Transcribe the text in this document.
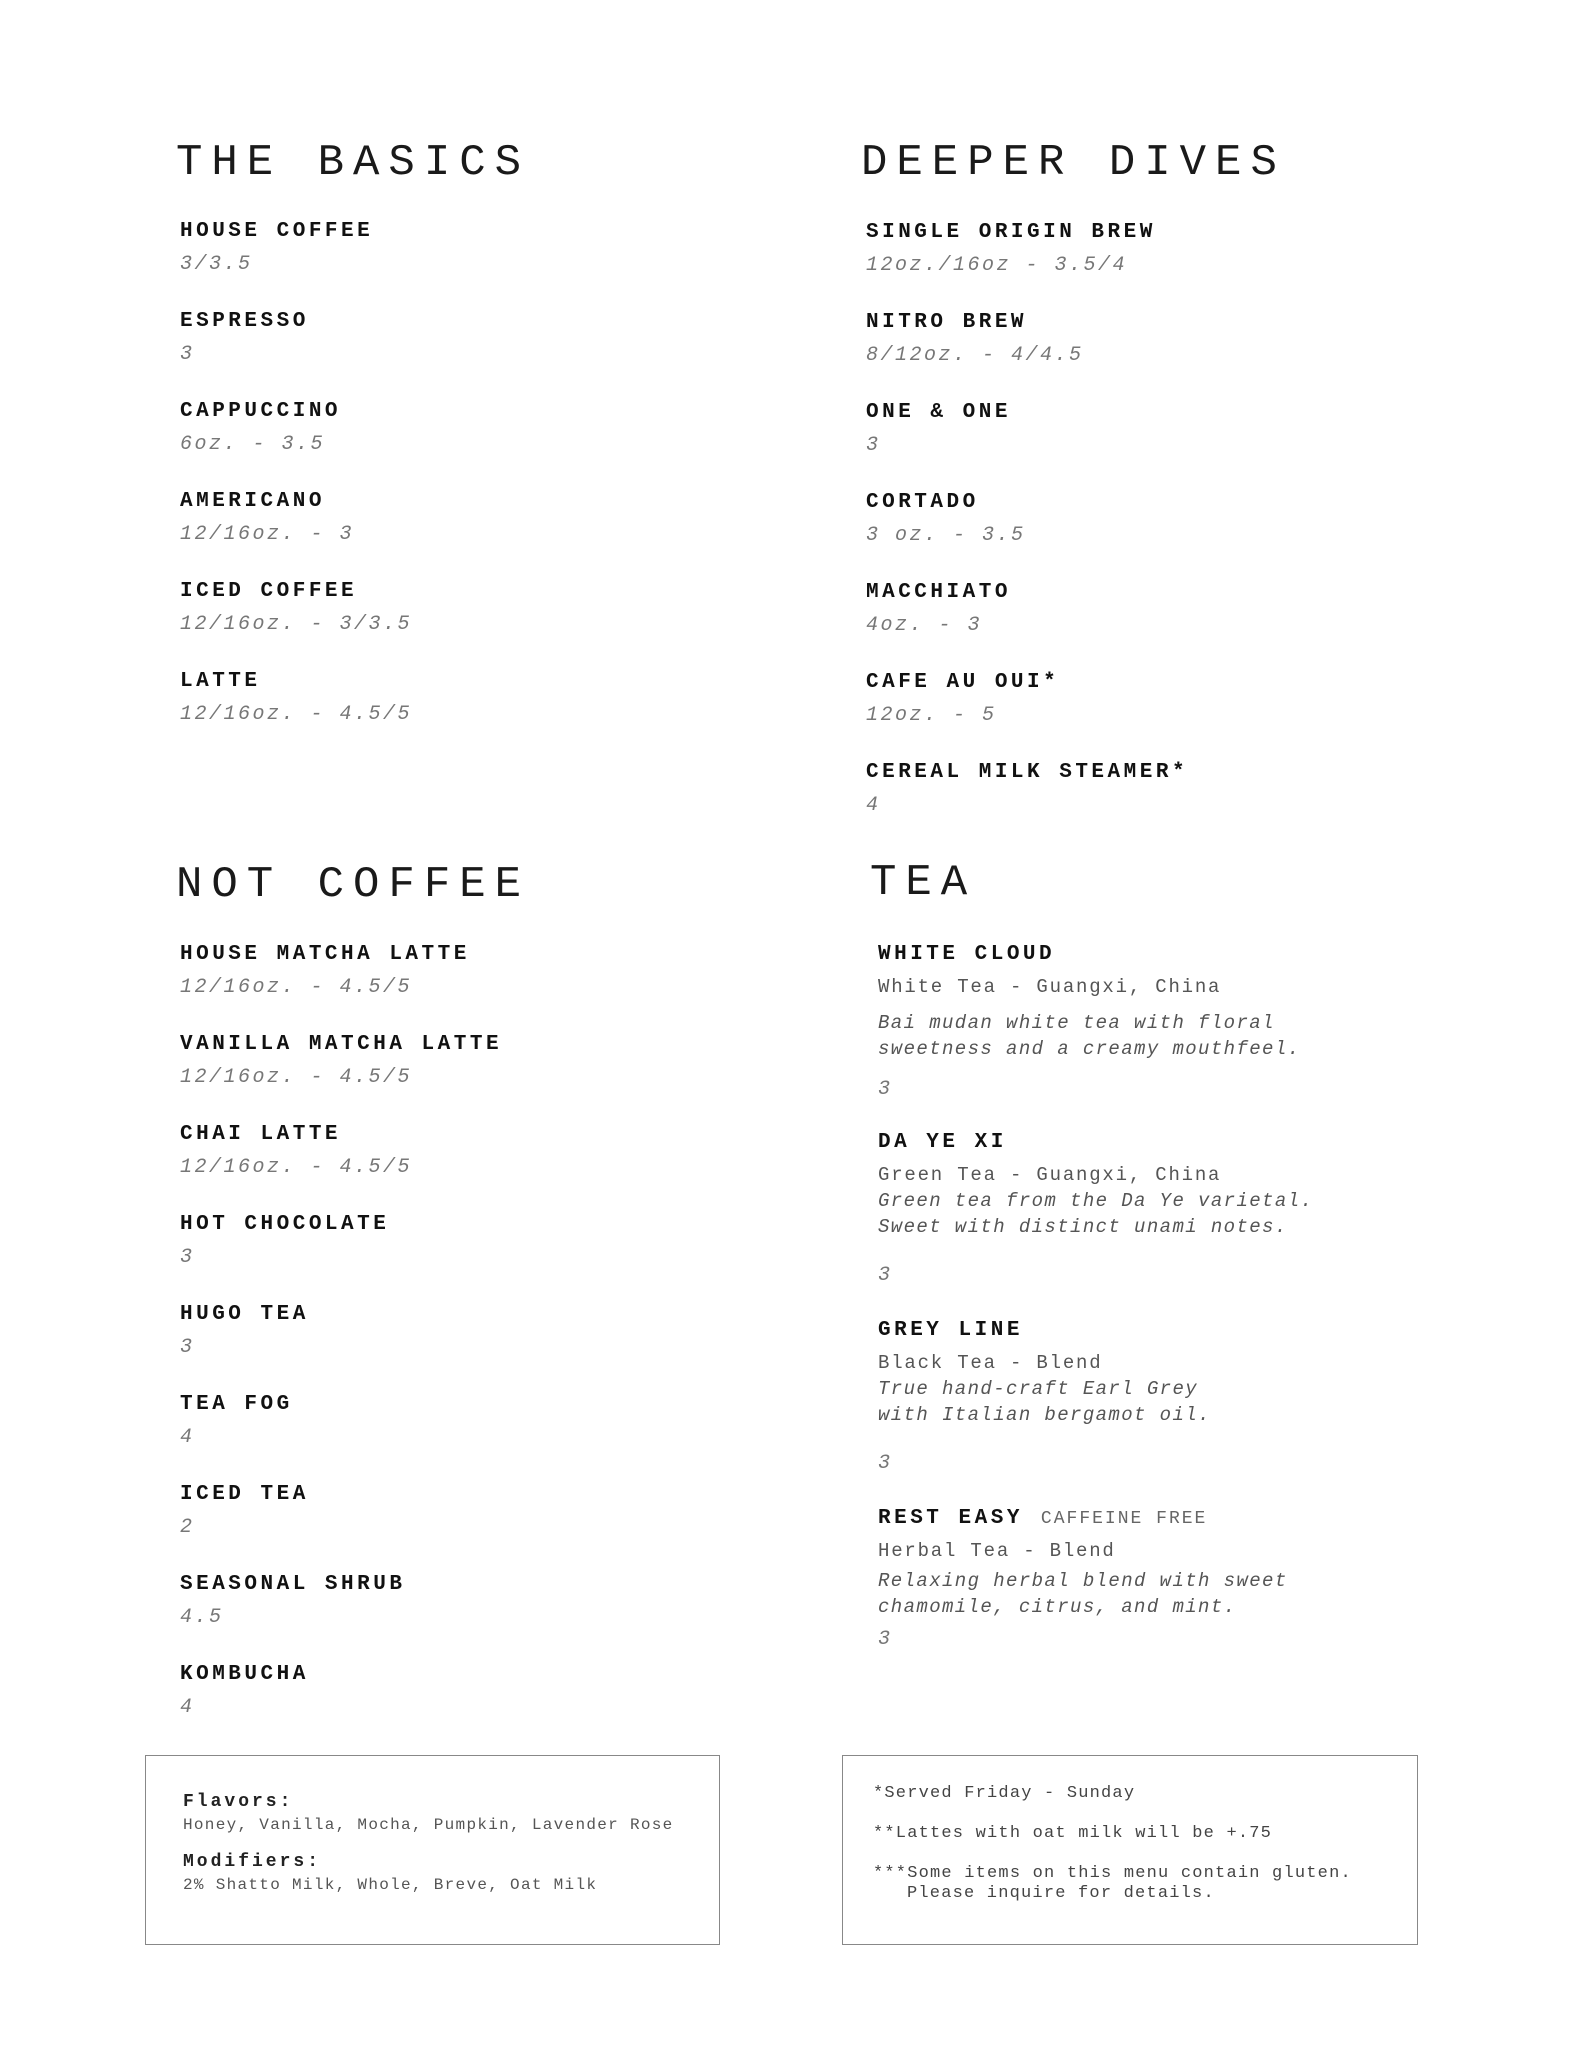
THE BASICS
HOUSE COFFEE
3/3.5
ESPRESSO
3
CAPPUCCINO
6oz. - 3.5
AMERICANO
12/16oz. - 3
ICED COFFEE
12/16oz. - 3/3.5
LATTE
12/16oz. - 4.5/5
DEEPER DIVES
SINGLE ORIGIN BREW
12oz./16oz - 3.5/4
NITRO BREW
8/12oz. - 4/4.5
ONE & ONE
3
CORTADO
3 oz. - 3.5
MACCHIATO
4oz. - 3
CAFE AU OUI*
12oz. - 5
CEREAL MILK STEAMER*
4
NOT COFFEE
HOUSE MATCHA LATTE
12/16oz. - 4.5/5
VANILLA MATCHA LATTE
12/16oz. - 4.5/5
CHAI LATTE
12/16oz. - 4.5/5
HOT CHOCOLATE
3
HUGO TEA
3
TEA FOG
4
ICED TEA
2
SEASONAL SHRUB
4.5
KOMBUCHA
4
TEA
WHITE CLOUD
White Tea - Guangxi, China
Bai mudan white tea with floral
sweetness and a creamy mouthfeel.
3
DA YE XI
Green Tea - Guangxi, China
Green tea from the Da Ye varietal.
Sweet with distinct unami notes.
3
GREY LINE
Black Tea - Blend
True hand-craft Earl Grey
with Italian bergamot oil.
3
REST EASY CAFFEINE FREE
Herbal Tea - Blend
Relaxing herbal blend with sweet
chamomile, citrus, and mint.
3
Flavors:
Honey, Vanilla, Mocha, Pumpkin, Lavender Rose
Modifiers:
2% Shatto Milk, Whole, Breve, Oat Milk
*Served Friday - Sunday
**Lattes with oat milk will be +.75
***Some items on this menu contain gluten.
Please inquire for details.
